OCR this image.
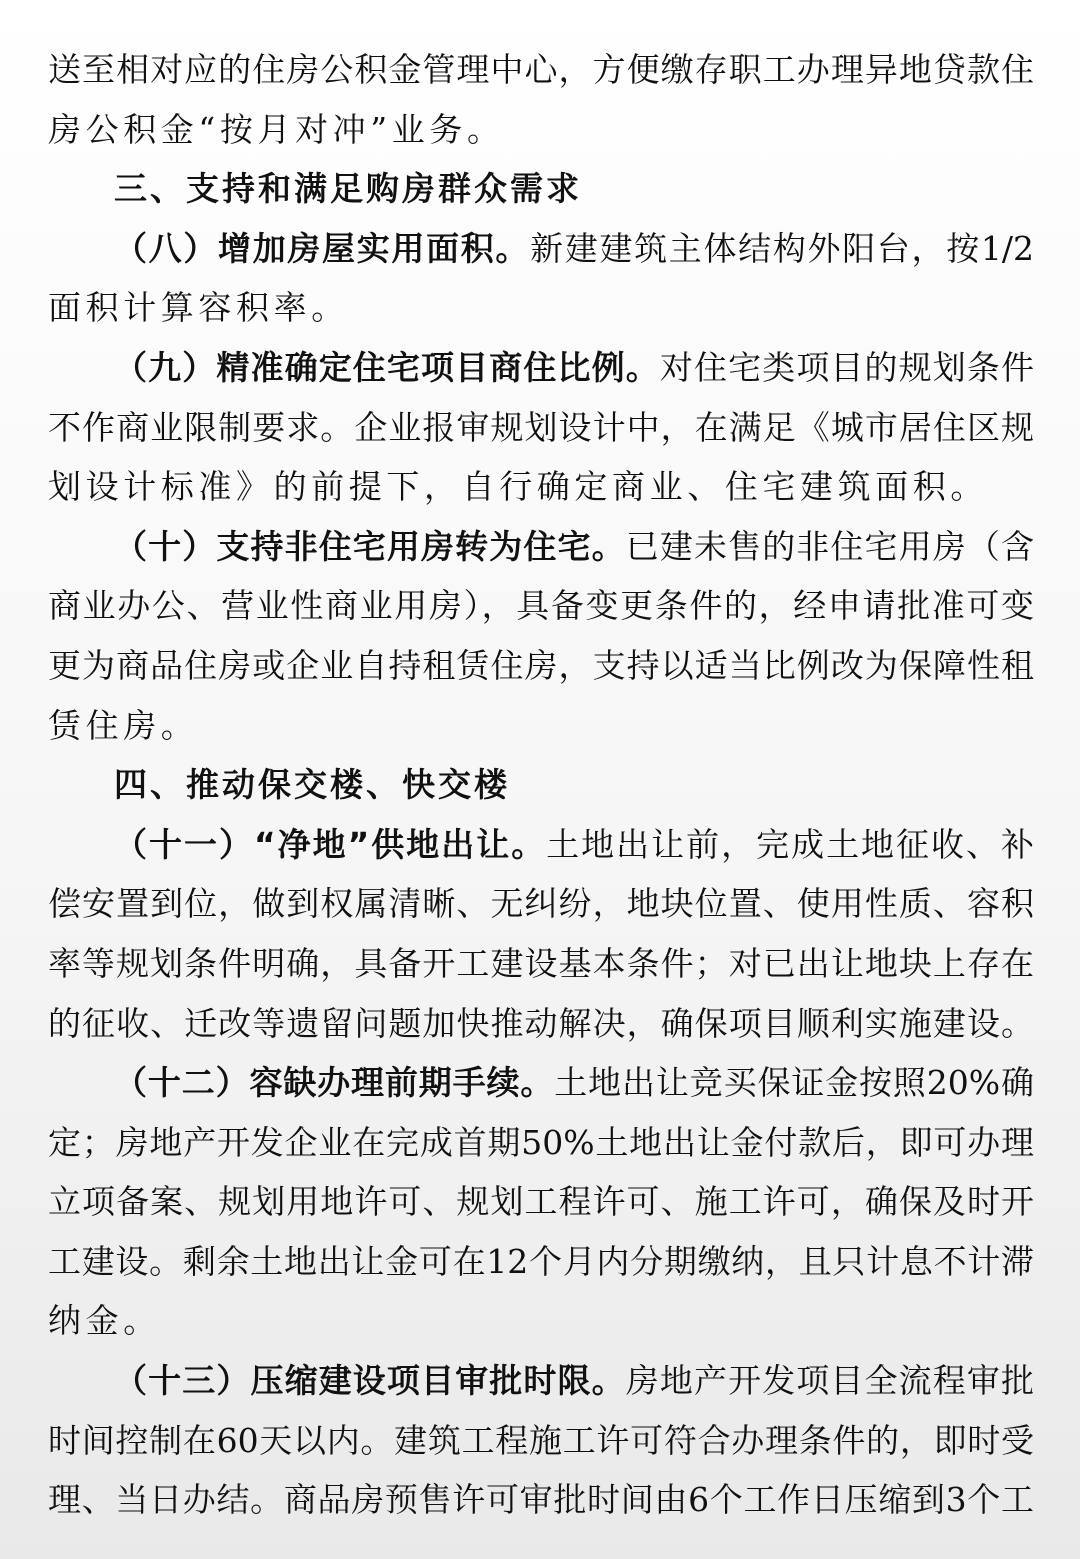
送至相对应的住房公积金管理中心，方便缴存职工办理异地贷款住
房公积金“按月对冲”业务。
三、支持和满足购房群众需求
（八）增加房屋实用面积。新建建筑主体结构外阳台，按1/2
面积计算容积率。
（九）精准确定住宅项目商住比例。对住宅类项目的规划条件
不作商业限制要求。企业报审规划设计中，在满足《城市居住区规
划设计标准》的前提下，自行确定商业、住宅建筑面积。
（十）支持非住宅用房转为住宅。已建未售的非住宅用房（含
商业办公、营业性商业用房），具备变更条件的，经申请批准可变
更为商品住房或企业自持租赁住房，支持以适当比例改为保障性租
赁住房。
四、推动保交楼、快交楼
（十一）“净地”供地出让。土地出让前，完成土地征收、补
偿安置到位，做到权属清晰、无纠纷，地块位置、使用性质、容积
率等规划条件明确，具备开工建设基本条件；对已出让地块上存在
的征收、迁改等遗留问题加快推动解决，确保项目顺利实施建设。
（十二）容缺办理前期手续。土地出让竞买保证金按照20%确
定；房地产开发企业在完成首期50%土地出让金付款后，即可办理
立项备案、规划用地许可、规划工程许可、施工许可，确保及时开
工建设。剩余土地出让金可在12个月内分期缴纳，且只计息不计滞
纳金。
（十三）压缩建设项目审批时限。房地产开发项目全流程审批
时间控制在60天以内。建筑工程施工许可符合办理条件的，即时受
理、当日办结。商品房预售许可审批时间由6个工作日压缩到3个工
